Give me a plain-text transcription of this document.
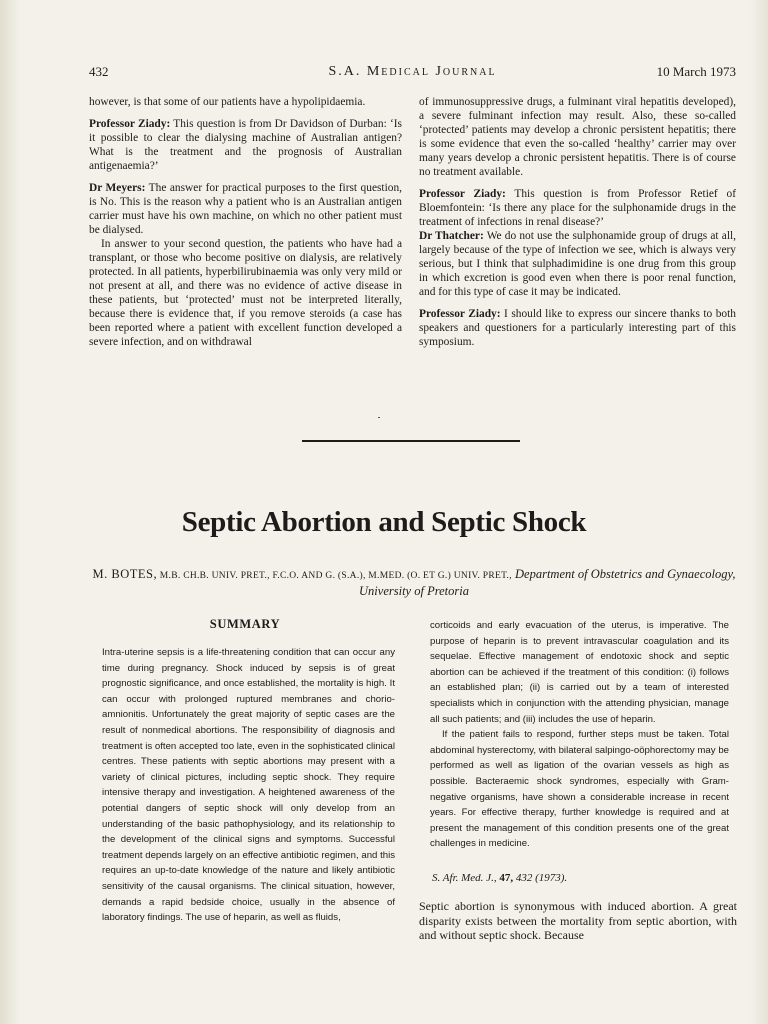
432	S.A. Medical Journal	10 March 1973

however, is that some of our patients have a hypolipidaemia.

Professor Ziady: This question is from Dr Davidson of Durban: ‘Is it possible to clear the dialysing machine of Australian antigen? What is the treatment and the prognosis of Australian antigenaemia?’

Dr Meyers: The answer for practical purposes to the first question, is No. This is the reason why a patient who is an Australian antigen carrier must have his own machine, on which no other patient must be dialysed.

In answer to your second question, the patients who have had a transplant, or those who become positive on dialysis, are relatively protected. In all patients, hyperbilirubinaemia was only very mild or not present at all, and there was no evidence of active disease in these patients, but ‘protected’ must not be interpreted literally, because there is evidence that, if you remove steroids (a case has been reported where a patient with excellent function developed a severe infection, and on withdrawal

of immunosuppressive drugs, a fulminant viral hepatitis developed), a severe fulminant infection may result. Also, these so-called ‘protected’ patients may develop a chronic persistent hepatitis; there is some evidence that even the so-called ‘healthy’ carrier may over many years develop a chronic persistent hepatitis. There is of course no treatment available.

Professor Ziady: This question is from Professor Retief of Bloemfontein: ‘Is there any place for the sulphonamide drugs in the treatment of infections in renal disease?’

Dr Thatcher: We do not use the sulphonamide group of drugs at all, largely because of the type of infection we see, which is always very serious, but I think that sulphadimidine is one drug from this group in which excretion is good even when there is poor renal function, and for this type of case it may be indicated.

Professor Ziady: I should like to express our sincere thanks to both speakers and questioners for a particularly interesting part of this symposium.

Septic Abortion and Septic Shock
M. BOTES, M.B. CH.B. UNIV. PRET., F.C.O. AND G. (S.A.), M.MED. (O. ET G.) UNIV. PRET., Department of Obstetrics and Gynaecology, University of Pretoria
SUMMARY

Intra-uterine sepsis is a life-threatening condition that can occur any time during pregnancy. Shock induced by sepsis is of great prognostic significance, and once established, the mortality is high. It can occur with prolonged ruptured membranes and chorio-amnionitis. Unfortunately the great majority of septic cases are the result of nonmedical abortions. The responsibility of diagnosis and treatment is often accepted too late, even in the sophisticated clinical centres. These patients with septic abortions may present with a variety of clinical pictures, including septic shock. They require intensive therapy and investigation. A heightened awareness of the potential dangers of septic shock will only develop from an understanding of the basic pathophysiology, and its relationship to the development of the clinical signs and symptoms. Successful treatment depends largely on an effective antibiotic regimen, and this requires an up-to-date knowledge of the nature and likely antibiotic sensitivity of the causal organisms. The clinical situation, however, demands a rapid bedside choice, usually in the absence of laboratory findings. The use of heparin, as well as fluids,

corticoids and early evacuation of the uterus, is imperative. The purpose of heparin is to prevent intravascular coagulation and its sequelae. Effective management of endotoxic shock and septic abortion can be achieved if the treatment of this condition: (i) follows an established plan; (ii) is carried out by a team of interested specialists which in conjunction with the attending physician, manage all such patients; and (iii) includes the use of heparin.

If the patient fails to respond, further steps must be taken. Total abdominal hysterectomy, with bilateral salpingo-oöphorectomy may be performed as well as ligation of the ovarian vessels as high as possible. Bacteraemic shock syndromes, especially with Gram-negative organisms, have shown a considerable increase in recent years. For effective therapy, further knowledge is required and at present the management of this condition presents one of the great challenges in medicine.

S. Afr. Med. J., 47, 432 (1973).

Septic abortion is synonymous with induced abortion. A great disparity exists between the mortality from septic abortion, with and without septic shock. Because
